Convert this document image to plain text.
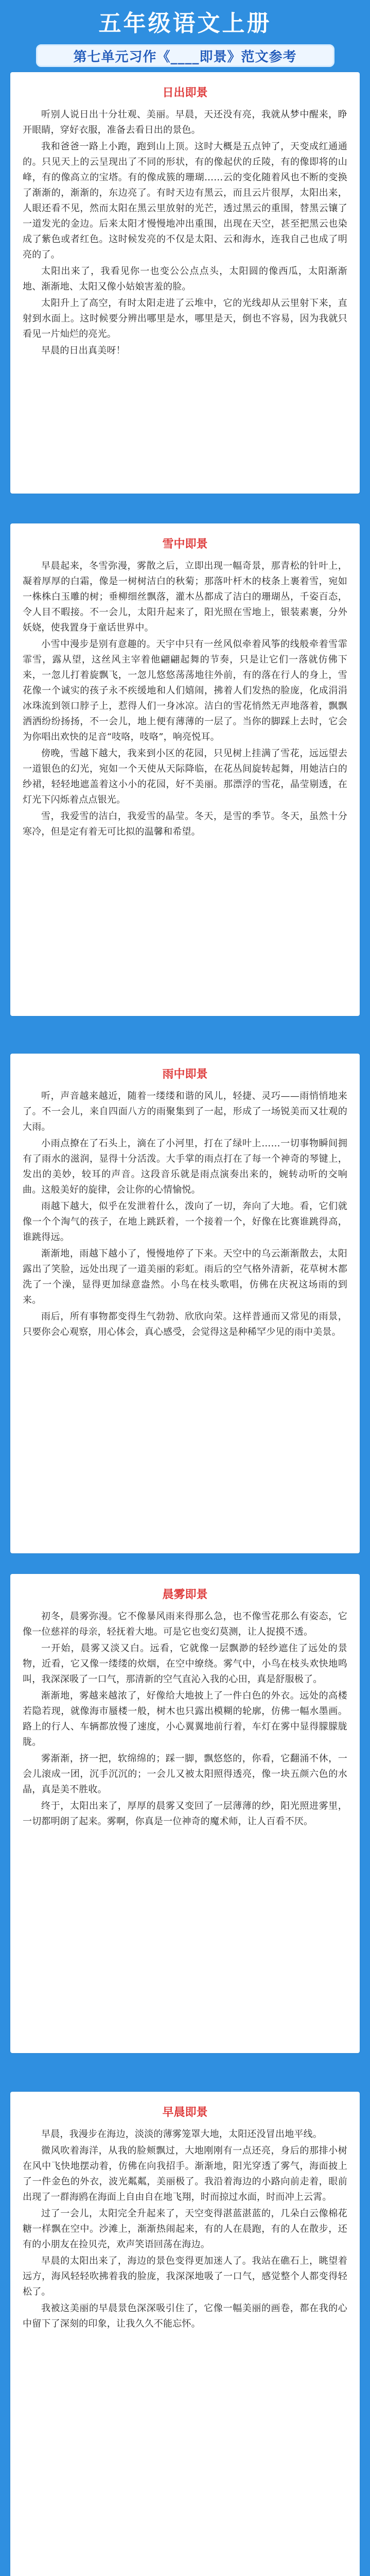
五年级语文上册
第七单元习作《____即景》范文参考
日出即景

听别人说日出十分壮观、美丽。早晨，天还没有亮，我就从梦中醒来，睁开眼睛，穿好衣服，准备去看日出的景色。

我和爸爸一路上小跑，跑到山上顶。这时大概是五点钟了，天变成红通通的。只见天上的云呈现出了不同的形状，有的像起伏的丘陵，有的像即将的山峰，有的像高立的宝塔。有的像成簇的珊瑚……云的变化随着风也不断的变换了渐渐的，渐渐的，东边亮了。有时天边有黑云，而且云片很厚，太阳出来，人眼还看不见，然而太阳在黑云里放射的光芒，透过黑云的重围，替黑云镶了一道发光的金边。后来太阳才慢慢地冲出重围，出现在天空，甚至把黑云也染成了紫色或者红色。这时候发亮的不仅是太阳、云和海水，连我自己也成了明亮的了。

太阳出来了，我看见你一也变公公点点头，太阳圆的像西瓜，太阳渐渐地、渐渐地、太阳又像小姑娘害羞的脸。

太阳升上了高空，有时太阳走进了云堆中，它的光线却从云里射下来，直射到水面上。这时候要分辨出哪里是水，哪里是天，倒也不容易，因为我就只看见一片灿烂的亮光。

早晨的日出真美呀！

雪中即景

早晨起来，冬雪弥漫，雾散之后，立即出现一幅奇景，那青松的针叶上，凝着厚厚的白霜，像是一树树洁白的秋菊；那落叶杆木的枝条上裹着雪，宛如一株株白玉雕的树；垂柳细丝飘落，灌木丛都成了洁白的珊瑚丛，千姿百态，令人目不暇接。不一会儿，太阳升起来了，阳光照在雪地上，银装素裹，分外妖娆，使我置身于童话世界中。

小雪中漫步是别有意趣的。天宇中只有一丝风似牵着风筝的线般牵着雪霏霏雪，露从望，这丝风主宰着他翩翩起舞的节奏，只是让它们一落就仿佛下来，一忽儿打着旋飘飞，一忽儿悠悠荡荡地往外前，有的落在行人的身上，雪花像一个诚实的孩子永不疾缓地和人们嬉闹，拂着人们发热的脸庞，化成涓涓冰珠流到领口脖子上，惹得人们一身冰凉。洁白的雪花悄然无声地落着，飘飘洒洒纷纷扬扬，不一会儿，地上便有薄薄的一层了。当你的脚踩上去时，它会为你唱出欢快的足音“吱咯，吱咯”，响亮悦耳。

傍晚，雪越下越大，我来到小区的花园，只见树上挂满了雪花，远远望去一道银色的幻光，宛如一个天使从天际降临，在花丛间旋转起舞，用她洁白的纱裙，轻轻地遮盖着这小小的花园，好不美丽。那漂浮的雪花，晶莹剔透，在灯光下闪烁着点点银光。

雪，我爱雪的洁白，我爱雪的晶莹。冬天，是雪的季节。冬天，虽然十分寒冷，但是定有着无可比拟的温馨和希望。

雨中即景

听，声音越来越近，随着一缕缕和谐的风儿，轻捷、灵巧——雨悄悄地来了。不一会儿，来自四面八方的雨聚集到了一起，形成了一场锐美而又壮观的大雨。

小雨点撩在了石头上，滴在了小河里，打在了绿叶上……一切事物瞬间拥有了雨水的滋润，显得十分活泼。大手掌的雨点打在了每一个神奇的琴键上，发出的美妙，较耳的声音。这段音乐就是雨点演奏出来的，婉转动听的交响曲。这般美好的旋律，会让你的心情愉悦。

雨越下越大，似乎在发泄着什么，泼向了一切，奔向了大地。看，它们就像一个个淘气的孩子，在地上跳跃着，一个接着一个，好像在比赛谁跳得高，谁跳得远。

渐渐地，雨越下越小了，慢慢地停了下来。天空中的乌云渐渐散去，太阳露出了笑脸，远处出现了一道美丽的彩虹。雨后的空气格外清新，花草树木都洗了一个澡，显得更加绿意盎然。小鸟在枝头歌唱，仿佛在庆祝这场雨的到来。

雨后，所有事物都变得生气勃勃、欣欣向荣。这样普通而又常见的雨景，只要你会心观察，用心体会，真心感受，会觉得这是种稀罕少见的雨中美景。

晨雾即景

初冬，晨雾弥漫。它不像暴风雨来得那么急，也不像雪花那么有姿态，它像一位慈祥的母亲，轻抚着大地。可是它也变幻莫测，让人捉摸不透。

一开始，晨雾又淡又白。远看，它就像一层飘渺的轻纱遮住了远处的景物，近看，它又像一缕缕的炊烟，在空中缭绕。雾气中，小鸟在枝头欢快地鸣叫，我深深吸了一口气，那清新的空气直沁入我的心田，真是舒服极了。

渐渐地，雾越来越浓了，好像给大地披上了一件白色的外衣。远处的高楼若隐若现，就像海市蜃楼一般，树木也只露出模糊的轮廓，仿佛一幅水墨画。路上的行人、车辆都放慢了速度，小心翼翼地前行着，车灯在雾中显得朦朦胧胧。

雾渐渐，挤一把，软绵绵的；踩一脚，飘悠悠的，你看，它翻涌不休，一会儿滚成一团，沉手沉沉的；一会儿又被太阳照得透亮，像一块五颜六色的水晶，真是美不胜收。

终于，太阳出来了，厚厚的晨雾又变回了一层薄薄的纱，阳光照进雾里，一切都明朗了起来。雾啊，你真是一位神奇的魔术师，让人百看不厌。

早晨即景

早晨，我漫步在海边，淡淡的薄雾笼罩大地，太阳还没冒出地平线。

微风吹着海洋，从我的脸颊飘过，大地刚刚有一点还亮，身后的那排小树在风中飞快地摆动着，仿佛在向我招手。渐渐地，阳光穿透了雾气，海面披上了一件金色的外衣，波光粼粼，美丽极了。我沿着海边的小路向前走着，眼前出现了一群海鸥在海面上自由自在地飞翔，时而掠过水面，时而冲上云霄。

过了一会儿，太阳完全升起来了，天空变得湛蓝湛蓝的，几朵白云像棉花糖一样飘在空中。沙滩上，渐渐热闹起来，有的人在晨跑，有的人在散步，还有的小朋友在捡贝壳，欢声笑语回荡在海边。

早晨的太阳出来了，海边的景色变得更加迷人了。我站在礁石上，眺望着远方，海风轻轻吹拂着我的脸庞，我深深地吸了一口气，感觉整个人都变得轻松了。

我被这美丽的早晨景色深深吸引住了，它像一幅美丽的画卷，都在我的心中留下了深刻的印象，让我久久不能忘怀。
